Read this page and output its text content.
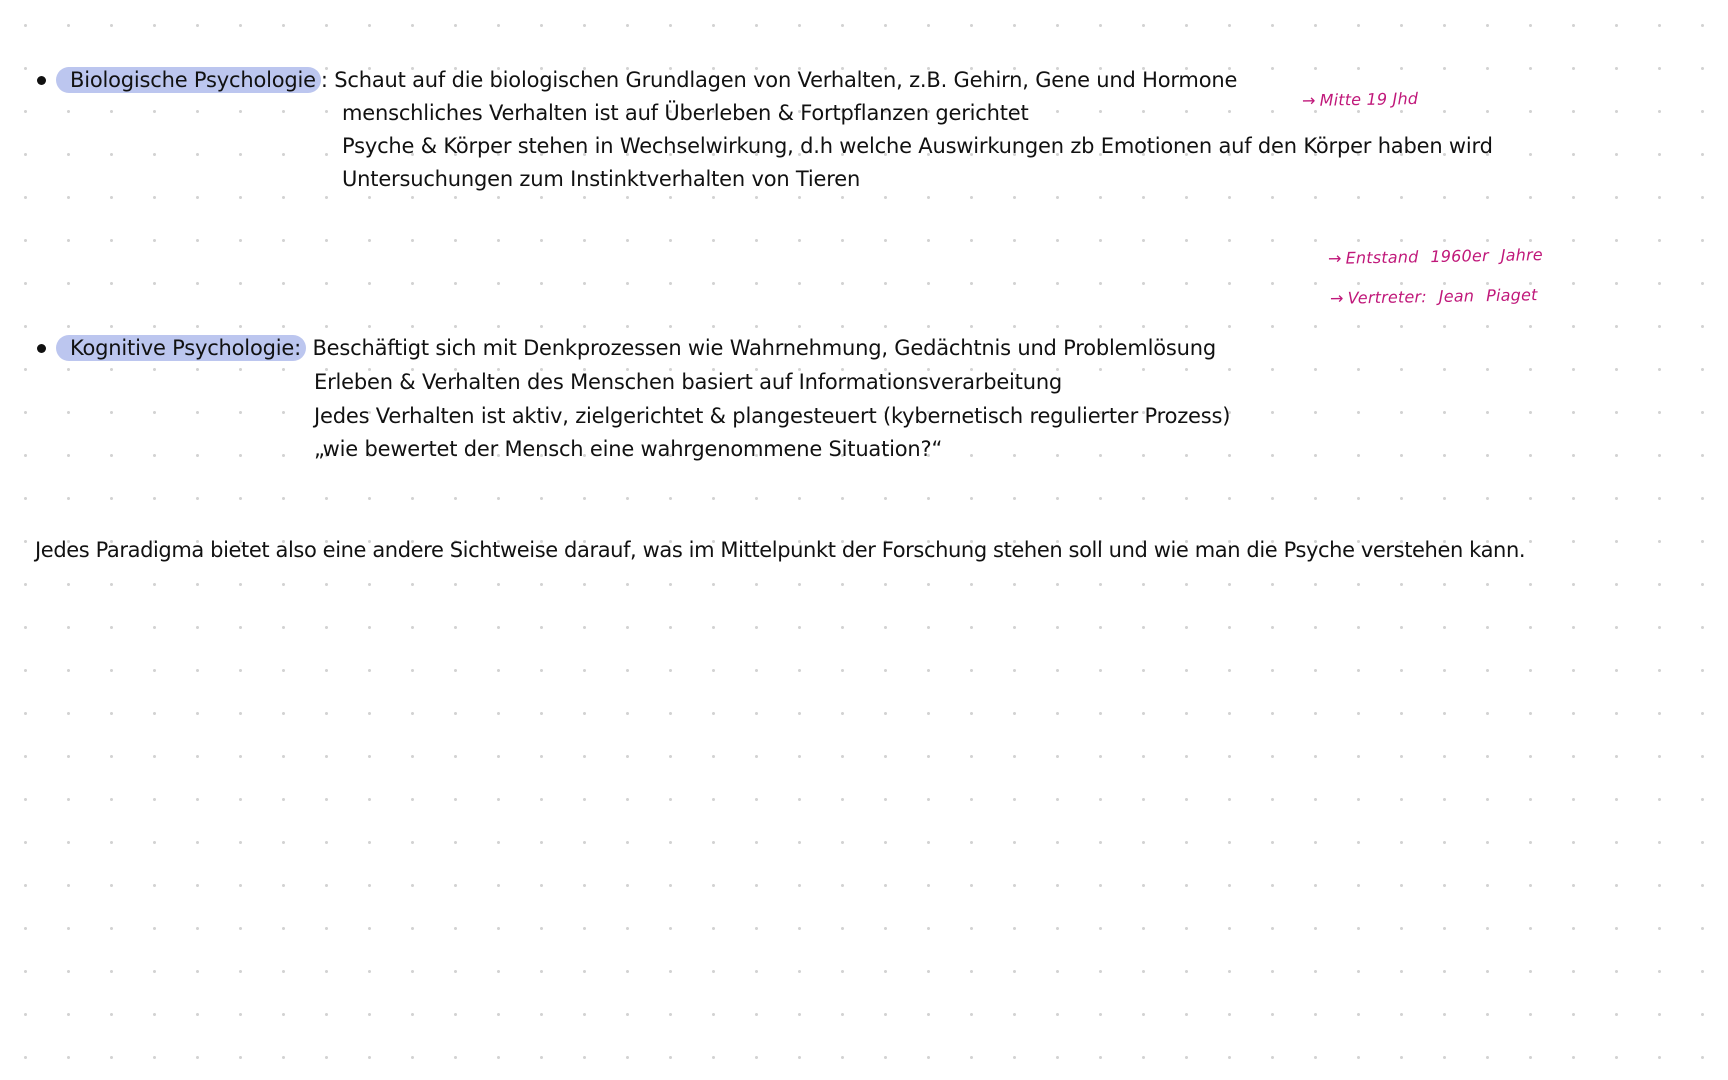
Biologische Psychologie : Schaut auf die biologischen Grundlagen von Verhalten, z.B. Gehirn, Gene und Hormone
menschliches Verhalten ist auf Überleben & Fortpflanzen gerichtet
Psyche & Körper stehen in Wechselwirkung, d.h welche Auswirkungen zb Emotionen auf den Körper haben wird
Untersuchungen zum Instinktverhalten von Tieren
→ Mitte 19 Jhd
→ Entstand 1960er Jahre
→ Vertreter: Jean Piaget
Kognitive Psychologie: Beschäftigt sich mit Denkprozessen wie Wahrnehmung, Gedächtnis und Problemlösung
Erleben & Verhalten des Menschen basiert auf Informationsverarbeitung
Jedes Verhalten ist aktiv, zielgerichtet & plangesteuert (kybernetisch regulierter Prozess)
„wie bewertet der Mensch eine wahrgenommene Situation?“
Jedes Paradigma bietet also eine andere Sichtweise darauf, was im Mittelpunkt der Forschung stehen soll und wie man die Psyche verstehen kann.
